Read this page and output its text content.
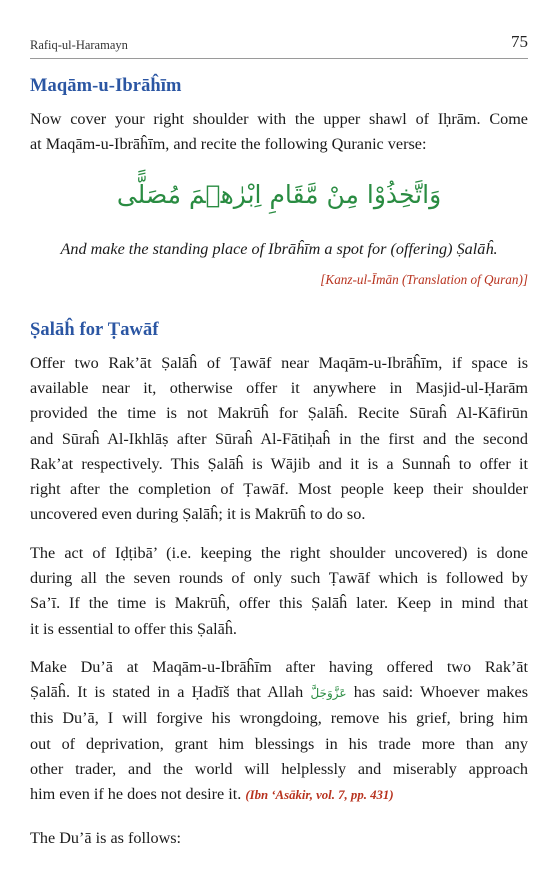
Rafiq-ul-Haramayn	75
Maqām-u-Ibrāĥīm
Now cover your right shoulder with the upper shawl of Iḥrām. Come
at Maqām-u-Ibrāĥīm, and recite the following Quranic verse:
وَاتَّخِذُوْا مِنْ مَّقَامِ اِبْرٰهٖمَ مُصَلًّى
And make the standing place of Ibrāĥīm a spot for (offering) Ṣalāĥ.
[Kanz-ul-Īmān (Translation of Quran)]
Ṣalāĥ for Ṭawāf
Offer two Rak’āt Ṣalāĥ of Ṭawāf near Maqām-u-Ibrāĥīm, if space is
available near it, otherwise offer it anywhere in Masjid-ul-Ḥarām
provided the time is not Makrūĥ for Ṣalāĥ. Recite Sūraĥ Al-Kāfirūn
and Sūraĥ Al-Ikhlāṣ after Sūraĥ Al-Fātiḥaĥ in the first and the second
Rak’at respectively. This Ṣalāĥ is Wājib and it is a Sunnaĥ to offer it
right after the completion of Ṭawāf. Most people keep their shoulder
uncovered even during Ṣalāĥ; it is Makrūĥ to do so.
The act of Iḍṭibā’ (i.e. keeping the right shoulder uncovered) is done
during all the seven rounds of only such Ṭawāf which is followed by
Sa’ī. If the time is Makrūĥ, offer this Ṣalāĥ later. Keep in mind that
it is essential to offer this Ṣalāĥ.
Make Du’ā at Maqām-u-Ibrāĥīm after having offered two Rak’āt
Ṣalāĥ. It is stated in a Ḥadīš that Allah عَزَّوَجَلَّ has said: Whoever makes
this Du’ā, I will forgive his wrongdoing, remove his grief, bring him
out of deprivation, grant him blessings in his trade more than any
other trader, and the world will helplessly and miserably approach
him even if he does not desire it. (Ibn ‘Asākir, vol. 7, pp. 431)
The Du’ā is as follows:
